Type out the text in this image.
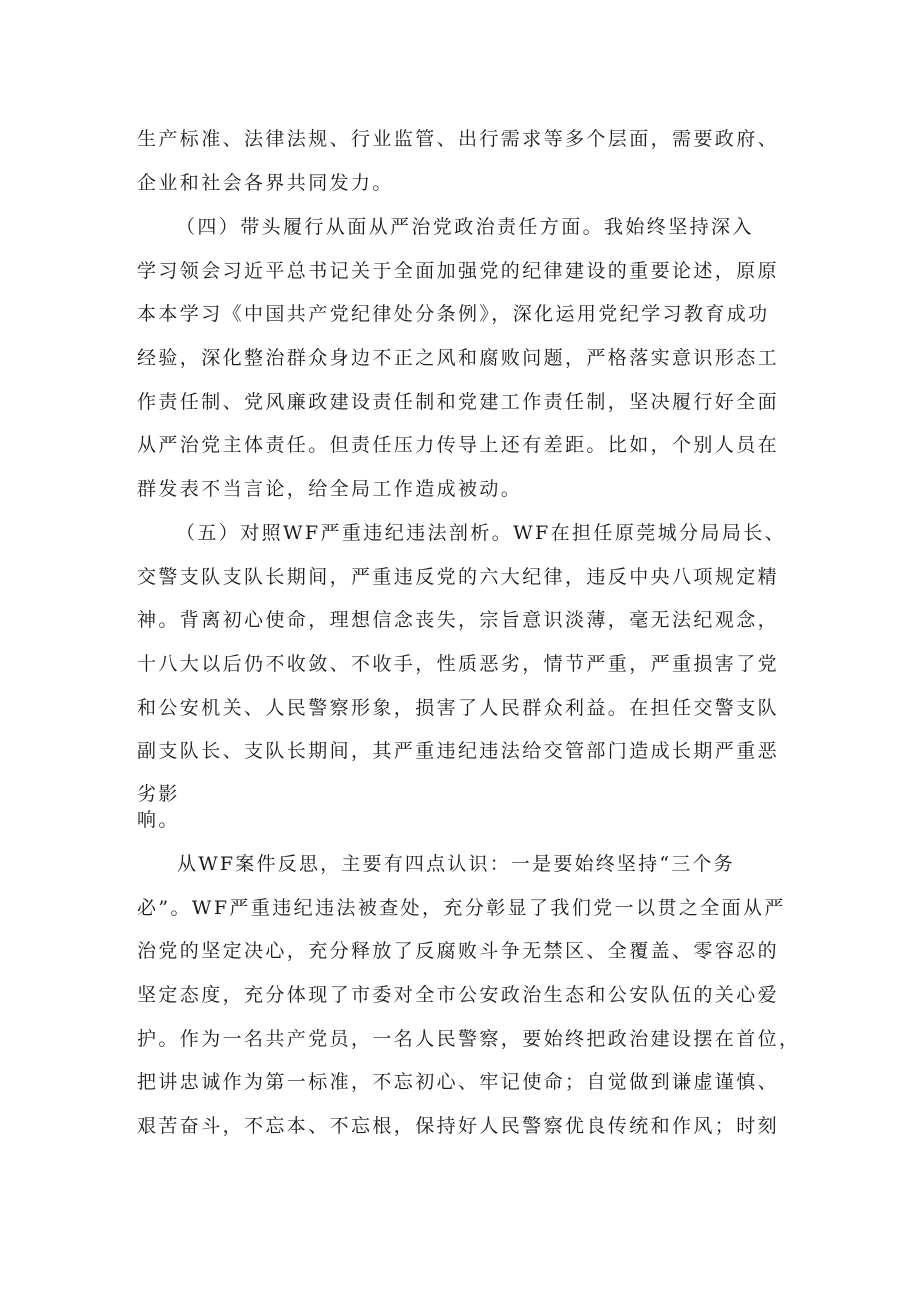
生产标准、法律法规、行业监管、出行需求等多个层面，需要政府、

企业和社会各界共同发力。

（四）带头履行从面从严治党政治责任方面。我始终坚持深入

学习领会习近平总书记关于全面加强党的纪律建设的重要论述，原原

本本学习《中国共产党纪律处分条例》，深化运用党纪学习教育成功

经验，深化整治群众身边不正之风和腐败问题，严格落实意识形态工

作责任制、党风廉政建设责任制和党建工作责任制，坚决履行好全面

从严治党主体责任。但责任压力传导上还有差距。比如，个别人员在

群发表不当言论，给全局工作造成被动。

（五）对照WF严重违纪违法剖析。WF在担任原莞城分局局长、

交警支队支队长期间，严重违反党的六大纪律，违反中央八项规定精

神。背离初心使命，理想信念丧失，宗旨意识淡薄，毫无法纪观念，

十八大以后仍不收敛、不收手，性质恶劣，情节严重，严重损害了党

和公安机关、人民警察形象，损害了人民群众利益。在担任交警支队

副支队长、支队长期间，其严重违纪违法给交管部门造成长期严重恶

劣影

响。

从WF案件反思，主要有四点认识：一是要始终坚持“三个务

必”。WF严重违纪违法被查处，充分彰显了我们党一以贯之全面从严

治党的坚定决心，充分释放了反腐败斗争无禁区、全覆盖、零容忍的

坚定态度，充分体现了市委对全市公安政治生态和公安队伍的关心爱

护。作为一名共产党员，一名人民警察，要始终把政治建设摆在首位，

把讲忠诚作为第一标准，不忘初心、牢记使命；自觉做到谦虚谨慎、

艰苦奋斗，不忘本、不忘根，保持好人民警察优良传统和作风；时刻
